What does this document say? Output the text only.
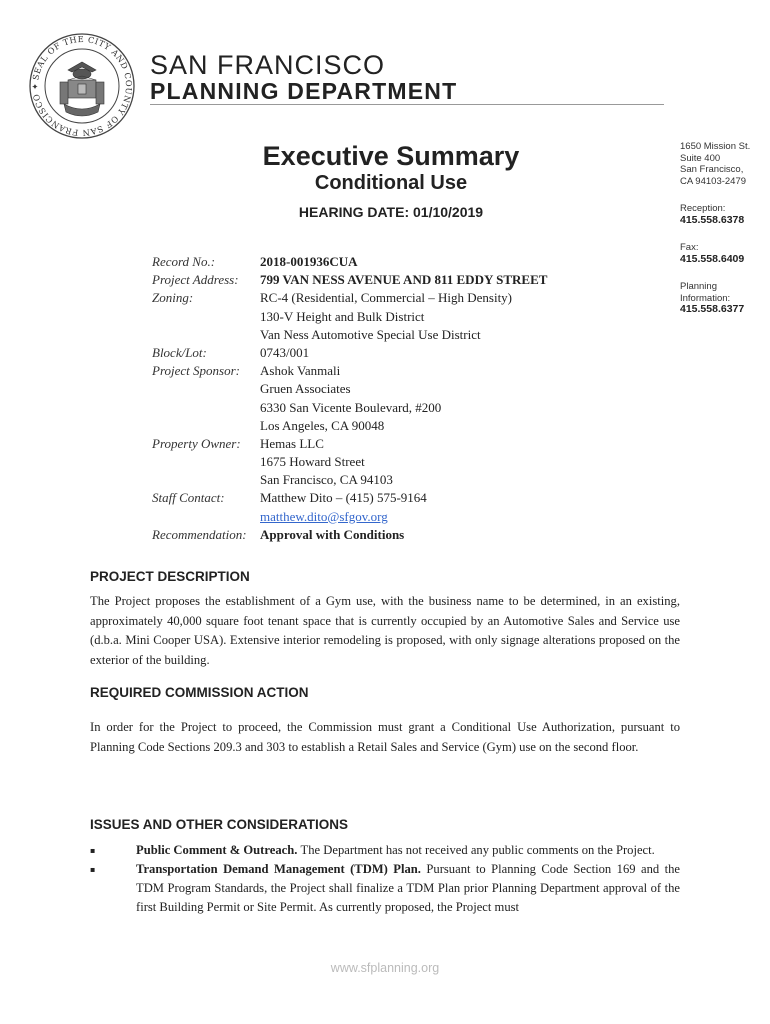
SEAL OF THE CITY AND COUNTY OF SAN FRANCISCO ✦
SAN FRANCISCO
PLANNING DEPARTMENT
Executive Summary
Conditional Use
HEARING DATE: 01/10/2019
1650 Mission St.
Suite 400
San Francisco,
CA 94103-2479
Reception:
415.558.6378
Fax:
415.558.6409
Planning
Information:
415.558.6377
Record No.:	2018-001936CUA
Project Address: 799 VAN NESS AVENUE AND 811 EDDY STREET
Zoning:	RC-4 (Residential, Commercial – High Density)
130-V Height and Bulk District
Van Ness Automotive Special Use District
Block/Lot:	0743/001
Project Sponsor: Ashok Vanmali
Gruen Associates
6330 San Vicente Boulevard, #200
Los Angeles, CA 90048
Property Owner: Hemas LLC
1675 Howard Street
San Francisco, CA 94103
Staff Contact:	Matthew Dito – (415) 575-9164
matthew.dito@sfgov.org
Recommendation: Approval with Conditions
PROJECT DESCRIPTION
The Project proposes the establishment of a Gym use, with the business name to be determined, in an existing, approximately 40,000 square foot tenant space that is currently occupied by an Automotive Sales and Service use (d.b.a. Mini Cooper USA). Extensive interior remodeling is proposed, with only signage alterations proposed on the exterior of the building.
REQUIRED COMMISSION ACTION
In order for the Project to proceed, the Commission must grant a Conditional Use Authorization, pursuant to Planning Code Sections 209.3 and 303 to establish a Retail Sales and Service (Gym) use on the second floor.
ISSUES AND OTHER CONSIDERATIONS
▪	Public Comment & Outreach. The Department has not received any public comments on the Project.
▪	Transportation Demand Management (TDM) Plan. Pursuant to Planning Code Section 169 and the TDM Program Standards, the Project shall finalize a TDM Plan prior Planning Department approval of the first Building Permit or Site Permit. As currently proposed, the Project must
www.sfplanning.org
